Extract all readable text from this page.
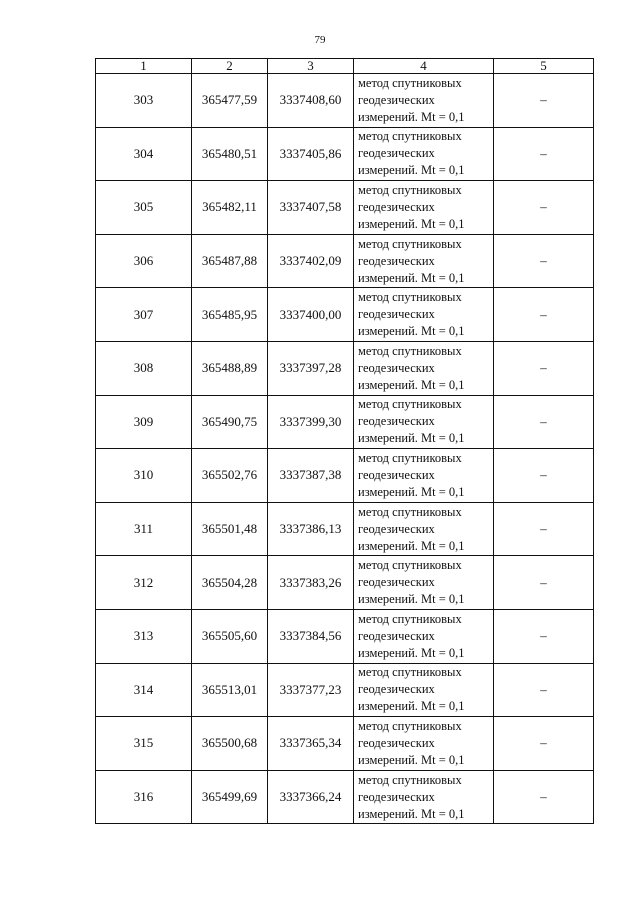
79
1	2	3	4	5
303	365477,59	3337408,60	метод спутниковых
геодезических
измерений. Mt = 0,1	–
304	365480,51	3337405,86	метод спутниковых
геодезических
измерений. Mt = 0,1	–
305	365482,11	3337407,58	метод спутниковых
геодезических
измерений. Mt = 0,1	–
306	365487,88	3337402,09	метод спутниковых
геодезических
измерений. Mt = 0,1	–
307	365485,95	3337400,00	метод спутниковых
геодезических
измерений. Mt = 0,1	–
308	365488,89	3337397,28	метод спутниковых
геодезических
измерений. Mt = 0,1	–
309	365490,75	3337399,30	метод спутниковых
геодезических
измерений. Mt = 0,1	–
310	365502,76	3337387,38	метод спутниковых
геодезических
измерений. Mt = 0,1	–
311	365501,48	3337386,13	метод спутниковых
геодезических
измерений. Mt = 0,1	–
312	365504,28	3337383,26	метод спутниковых
геодезических
измерений. Mt = 0,1	–
313	365505,60	3337384,56	метод спутниковых
геодезических
измерений. Mt = 0,1	–
314	365513,01	3337377,23	метод спутниковых
геодезических
измерений. Mt = 0,1	–
315	365500,68	3337365,34	метод спутниковых
геодезических
измерений. Mt = 0,1	–
316	365499,69	3337366,24	метод спутниковых
геодезических
измерений. Mt = 0,1	–
